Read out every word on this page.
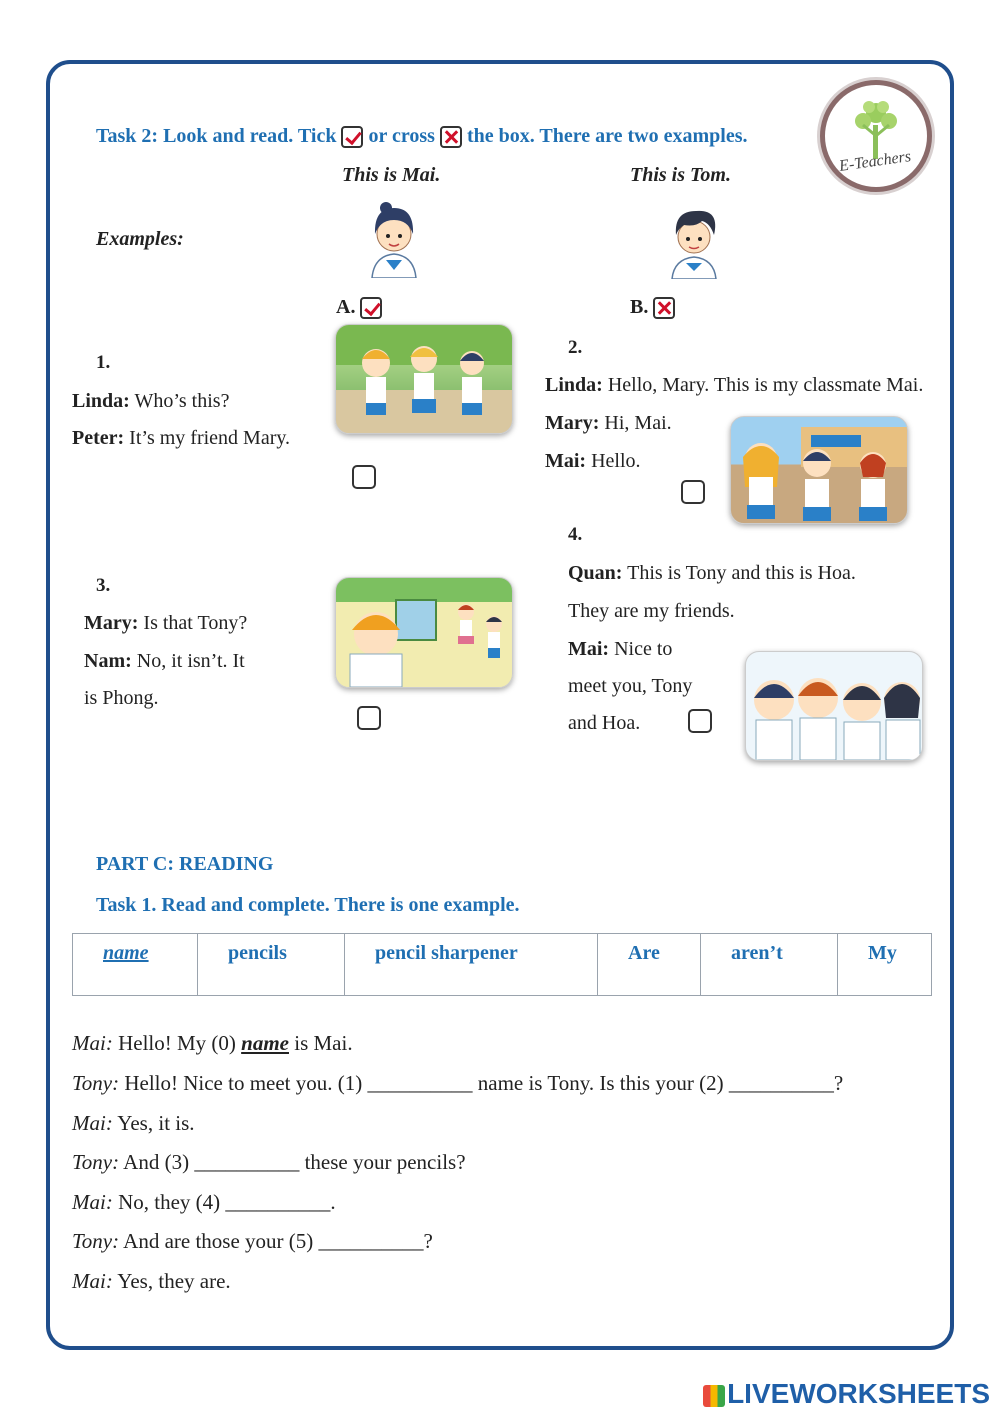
E-Teachers
Task 2: Look and read. Tick or cross the box. There are two examples.
This is Mai.	This is Tom.
Examples:
A.	B.
1.
Linda: Who’s this?
Peter: It’s my friend Mary.
2.
Linda: Hello, Mary. This is my classmate Mai.
Mary: Hi, Mai.
Mai: Hello.
3.
Mary: Is that Tony?
Nam: No, it isn’t. It
is Phong.
4.
Quan: This is Tony and this is Hoa.
They are my friends.
Mai: Nice to
meet you, Tony
and Hoa.
PART C: READING
Task 1. Read and complete. There is one example.
name	pencils	pencil sharpener	Are	aren’t	My
Mai: Hello! My (0) name is Mai.
Tony: Hello! Nice to meet you. (1) __________ name is Tony. Is this your (2) __________?
Mai: Yes, it is.
Tony: And (3) __________ these your pencils?
Mai: No, they (4) __________.
Tony: And are those your (5) __________?
Mai: Yes, they are.
LIVEWORKSHEETS
